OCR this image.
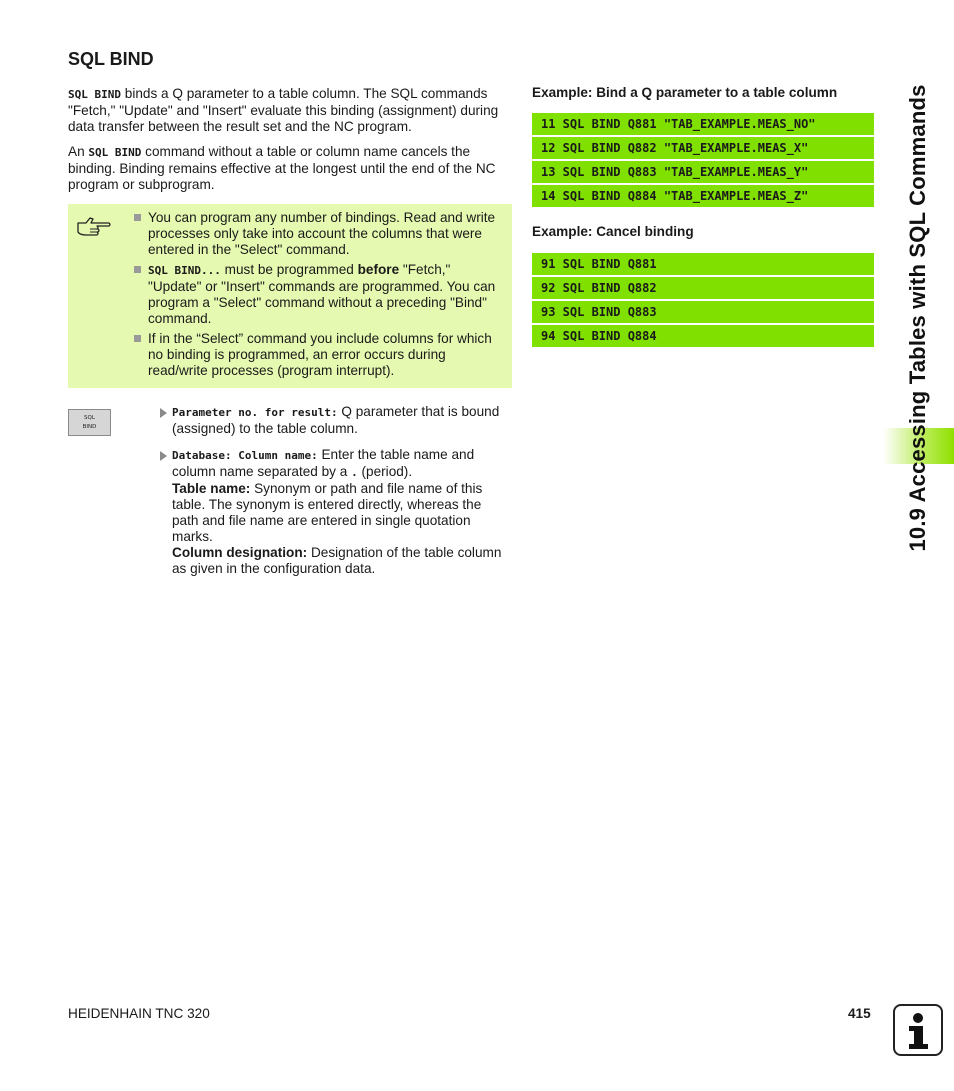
SQL BIND

SQL BIND binds a Q parameter to a table column. The SQL commands "Fetch," "Update" and "Insert" evaluate this binding (assignment) during data transfer between the result set and the NC program.

An SQL BIND command without a table or column name cancels the binding. Binding remains effective at the longest until the end of the NC program or subprogram.

You can program any number of bindings. Read and write processes only take into account the columns that were entered in the "Select" command.
SQL BIND... must be programmed before "Fetch," "Update" or "Insert" commands are programmed. You can program a "Select" command without a preceding "Bind" command.
If in the “Select” command you include columns for which no binding is programmed, an error occurs during read/write processes (program interrupt).
SQL
BIND
Parameter no. for result: Q parameter that is bound (assigned) to the table column.
Database: Column name: Enter the table name and column name separated by a . (period).
Table name: Synonym or path and file name of this table. The synonym is entered directly, whereas the path and file name are entered in single quotation marks.
Column designation: Designation of the table column as given in the configuration data.
Example: Bind a Q parameter to a table column
11 SQL BIND Q881 "TAB_EXAMPLE.MEAS_NO"
12 SQL BIND Q882 "TAB_EXAMPLE.MEAS_X"
13 SQL BIND Q883 "TAB_EXAMPLE.MEAS_Y"
14 SQL BIND Q884 "TAB_EXAMPLE.MEAS_Z"
Example: Cancel binding
91 SQL BIND Q881
92 SQL BIND Q882
93 SQL BIND Q883
94 SQL BIND Q884	10.9 Accessing Tables with SQL Commands
HEIDENHAIN TNC 320	415
